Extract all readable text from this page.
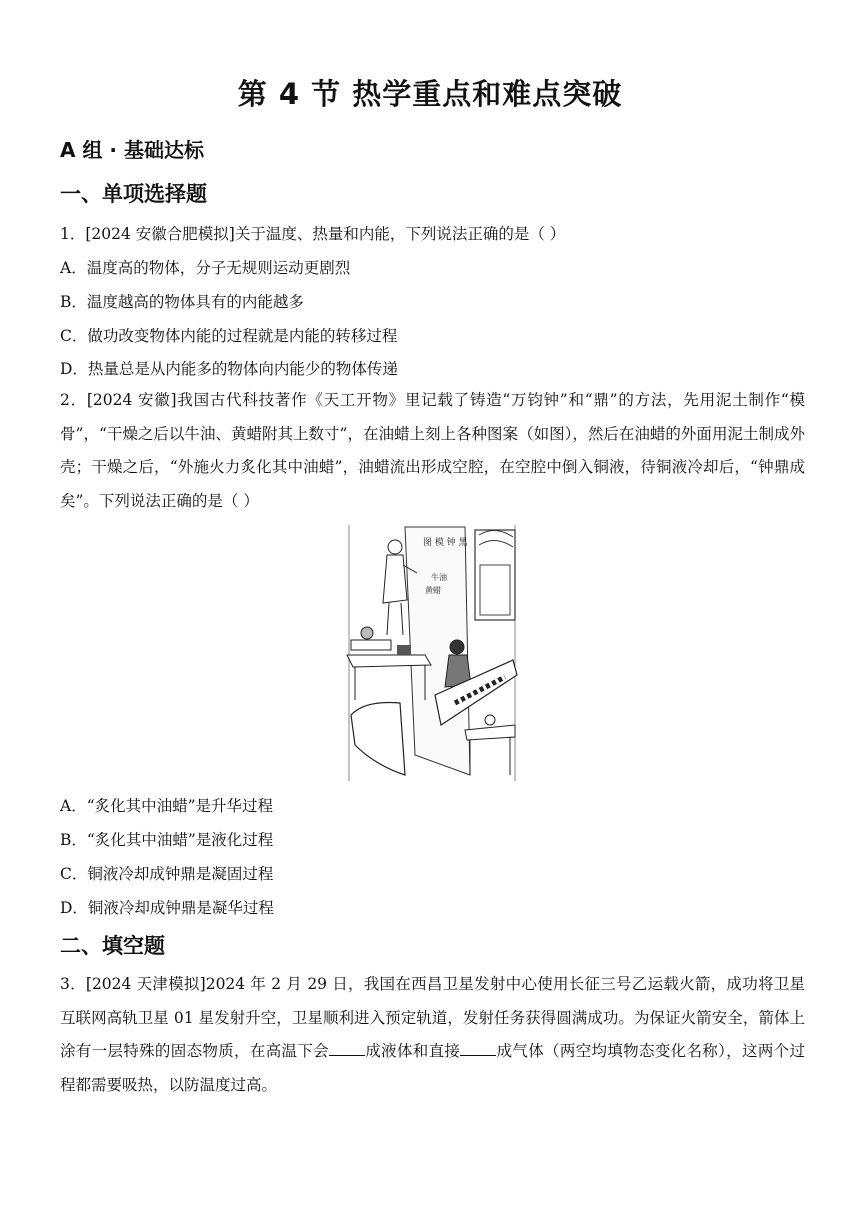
第 4 节 热学重点和难点突破
A 组 · 基础达标
一、单项选择题
1．[2024 安徽合肥模拟]关于温度、热量和内能，下列说法正确的是（ ）
A．温度高的物体，分子无规则运动更剧烈
B．温度越高的物体具有的内能越多
C．做功改变物体内能的过程就是内能的转移过程
D．热量总是从内能多的物体向内能少的物体传递
2．[2024 安徽]我国古代科技著作《天工开物》里记载了铸造“万钧钟”和“鼎”的方法，先用泥土制作“模骨”，“干燥之后以牛油、黄蜡附其上数寸”，在油蜡上刻上各种图案（如图），然后在油蜡的外面用泥土制成外壳；干燥之后，“外施火力炙化其中油蜡”，油蜡流出形成空腔，在空腔中倒入铜液，待铜液冷却后，“钟鼎成矣”。下列说法正确的是（ ）
图 模 钟 黑
牛油
黄蜡
A．“炙化其中油蜡”是升华过程
B．“炙化其中油蜡”是液化过程
C．铜液冷却成钟鼎是凝固过程
D．铜液冷却成钟鼎是凝华过程
二、填空题
3．[2024 天津模拟]2024 年 2 月 29 日，我国在西昌卫星发射中心使用长征三号乙运载火箭，成功将卫星互联网高轨卫星 01 星发射升空，卫星顺利进入预定轨道，发射任务获得圆满成功。为保证火箭安全，箭体上涂有一层特殊的固态物质，在高温下会 成液体和直接 成气体（两空均填物态变化名称），这两个过程都需要吸热，以防温度过高。
